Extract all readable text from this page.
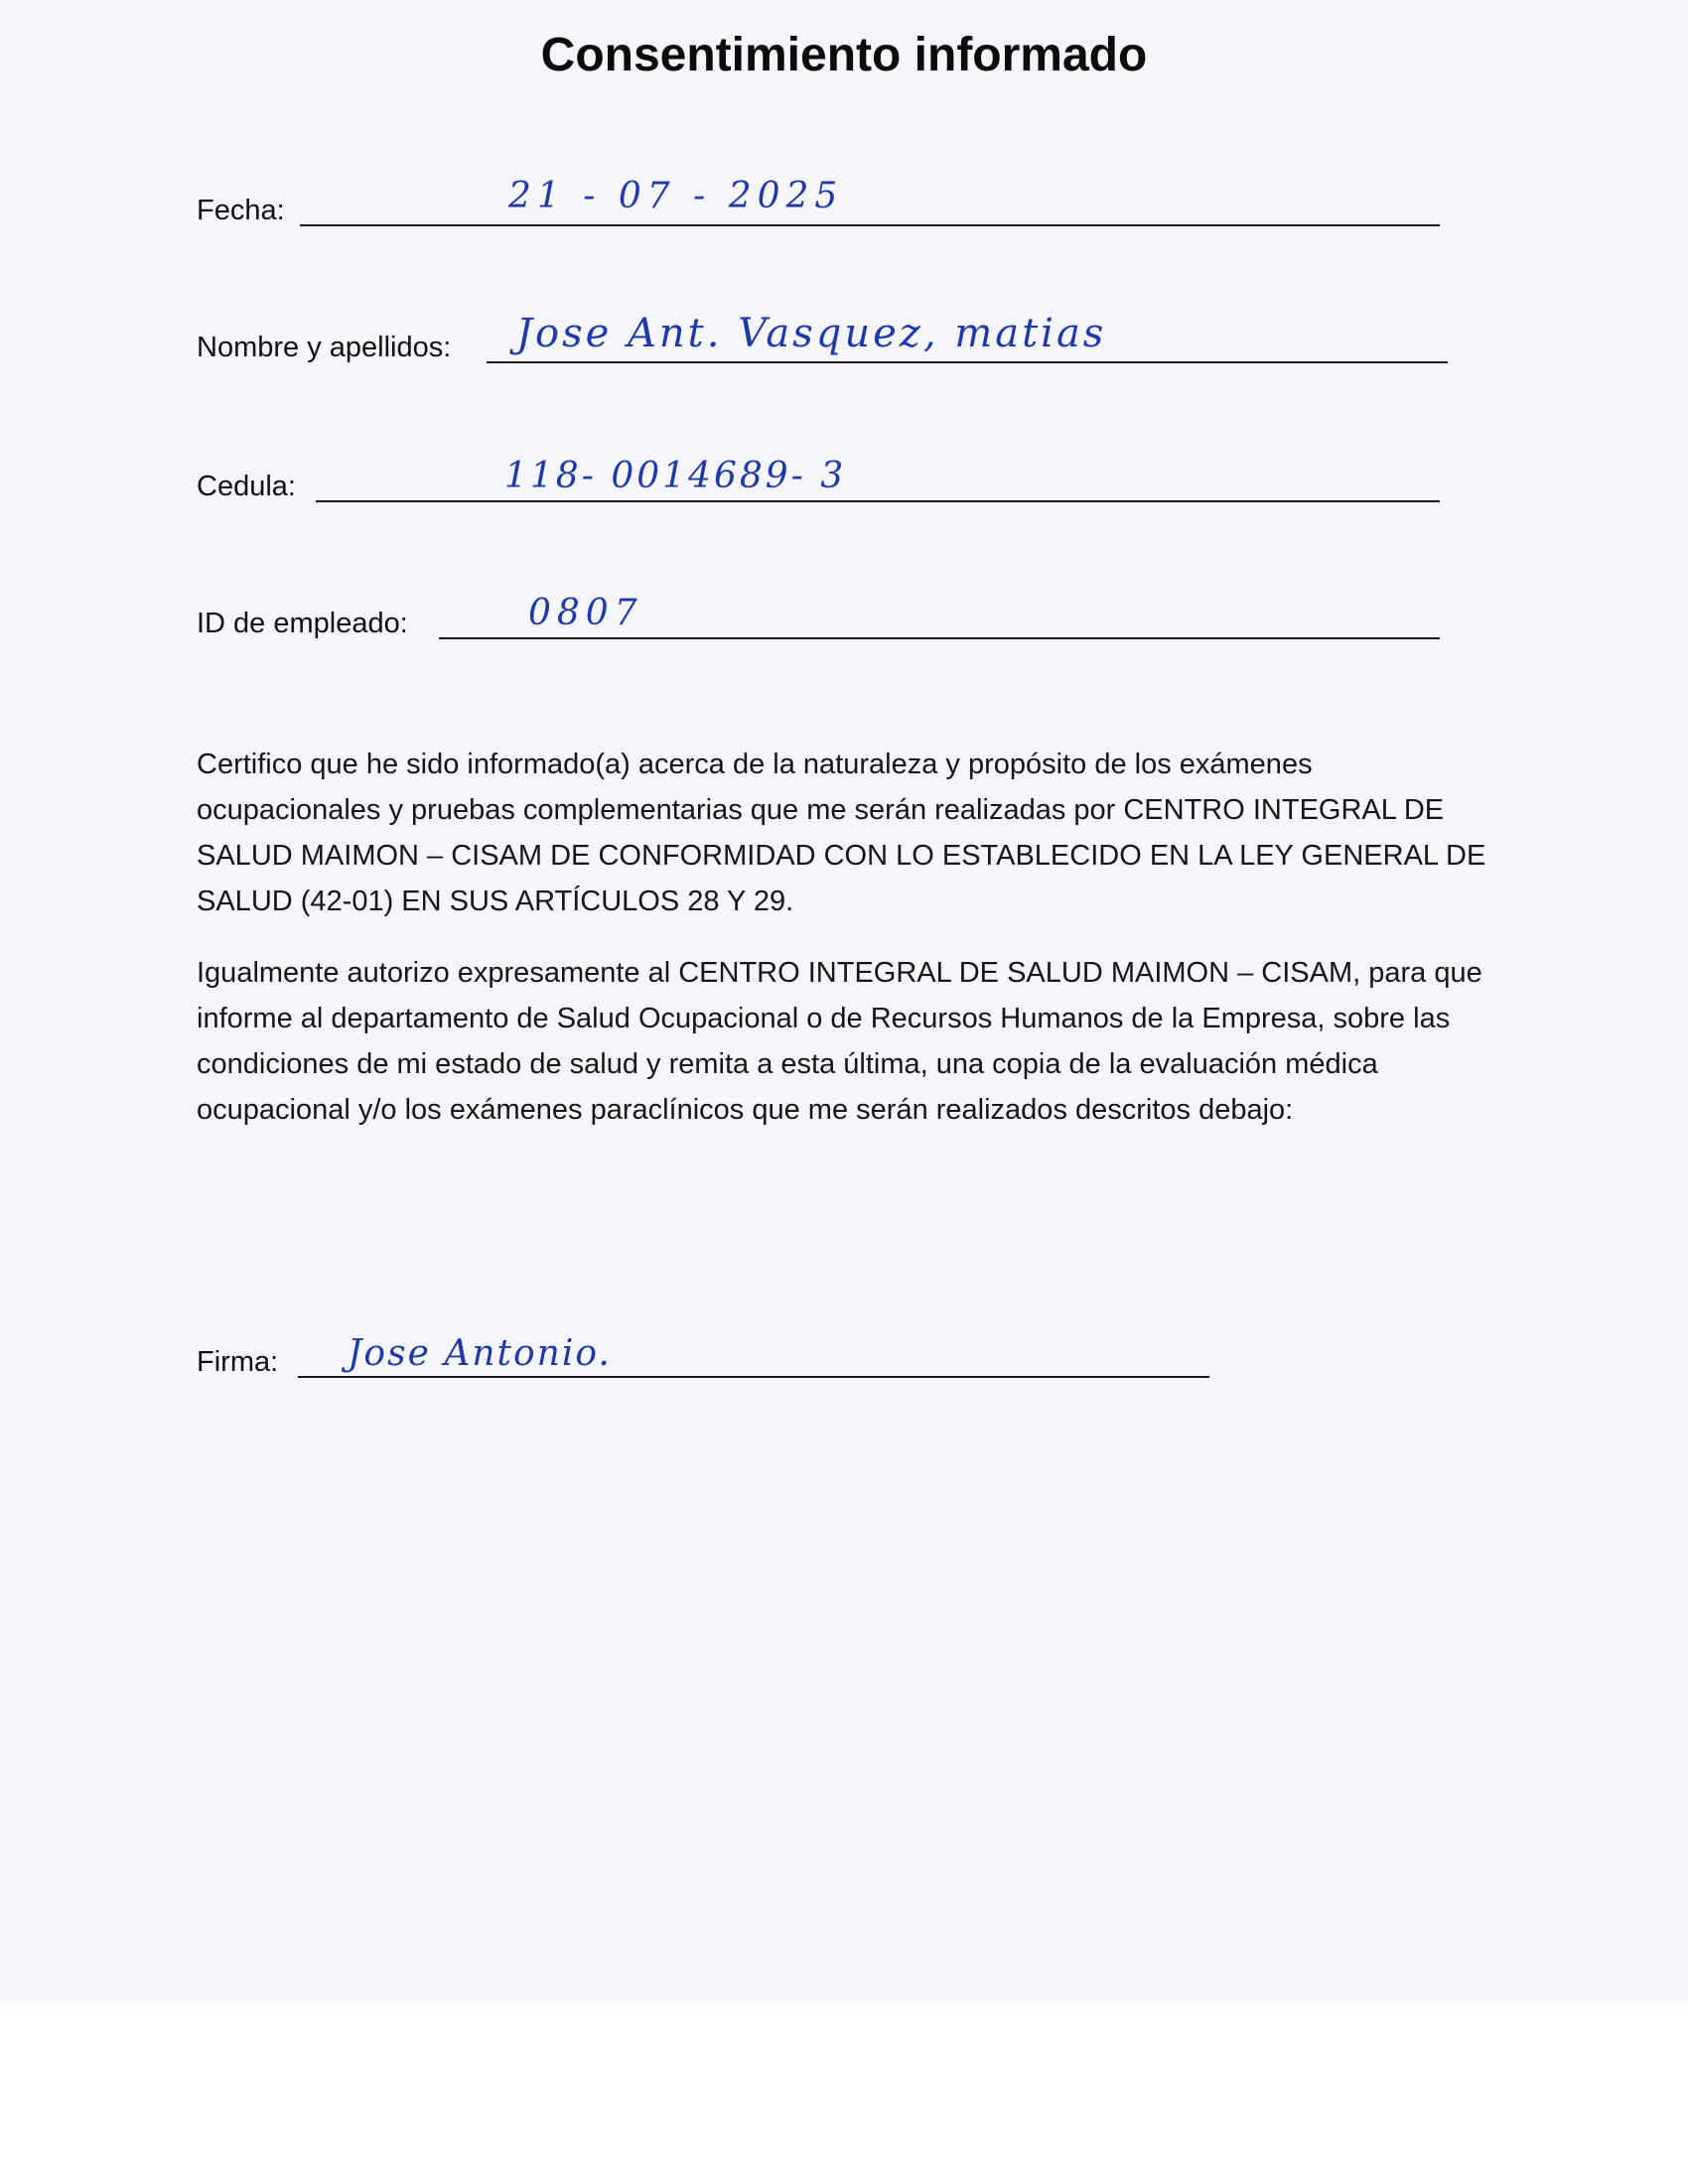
Consentimiento informado
Fecha:	21 - 07 - 2025
Nombre y apellidos: Jose Ant. Vasquez, matias
Cedula:	118- 0014689- 3
ID de empleado:	0807

Certifico que he sido informado(a) acerca de la naturaleza y propósito de los exámenes ocupacionales y pruebas complementarias que me serán realizadas por CENTRO INTEGRAL DE SALUD MAIMON – CISAM DE CONFORMIDAD CON LO ESTABLECIDO EN LA LEY GENERAL DE SALUD (42-01) EN SUS ARTÍCULOS 28 Y 29.

Igualmente autorizo expresamente al CENTRO INTEGRAL DE SALUD MAIMON – CISAM, para que informe al departamento de Salud Ocupacional o de Recursos Humanos de la Empresa, sobre las condiciones de mi estado de salud y remita a esta última, una copia de la evaluación médica ocupacional y/o los exámenes paraclínicos que me serán realizados descritos debajo:

Firma: Jose Antonio.
